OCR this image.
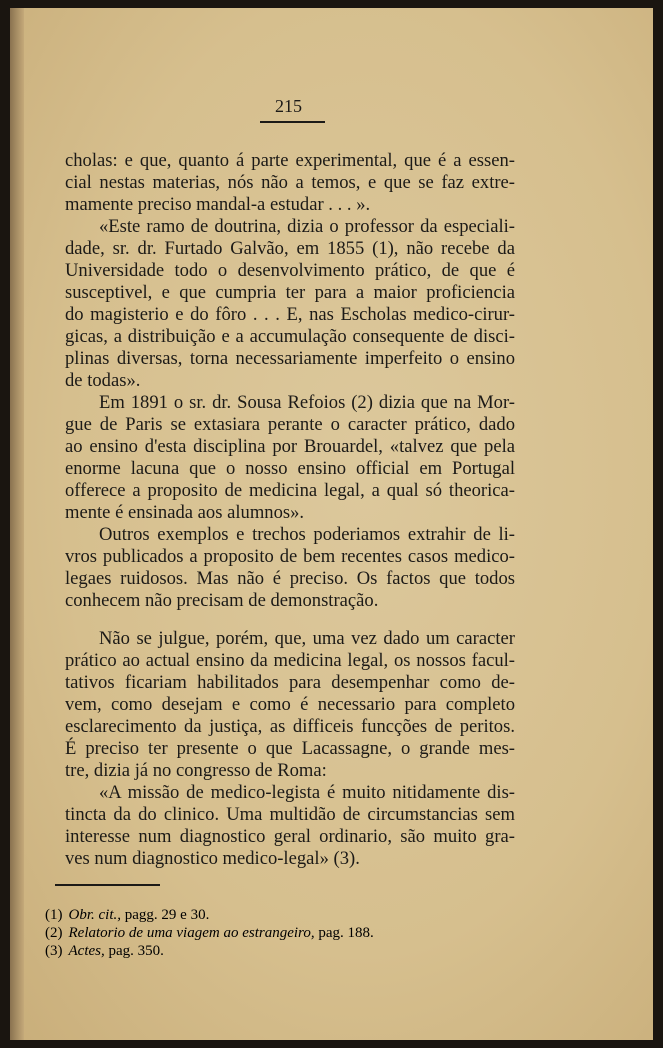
215
cholas: e que, quanto á parte experimental, que é a essen-
cial nestas materias, nós não a temos, e que se faz extre-
mamente preciso mandal-a estudar . . . ».
«Este ramo de doutrina, dizia o professor da especiali-
dade, sr. dr. Furtado Galvão, em 1855 (1), não recebe da
Universidade todo o desenvolvimento prático, de que é
susceptivel, e que cumpria ter para a maior proficiencia
do magisterio e do fôro . . . E, nas Escholas medico-cirur-
gicas, a distribuição e a accumulação consequente de disci-
plinas diversas, torna necessariamente imperfeito o ensino
de todas».
Em 1891 o sr. dr. Sousa Refoios (2) dizia que na Mor-
gue de Paris se extasiara perante o caracter prático, dado
ao ensino d'esta disciplina por Brouardel, «talvez que pela
enorme lacuna que o nosso ensino official em Portugal
offerece a proposito de medicina legal, a qual só theorica-
mente é ensinada aos alumnos».
Outros exemplos e trechos poderiamos extrahir de li-
vros publicados a proposito de bem recentes casos medico-
legaes ruidosos. Mas não é preciso. Os factos que todos
conhecem não precisam de demonstração.
Não se julgue, porém, que, uma vez dado um caracter
prático ao actual ensino da medicina legal, os nossos facul-
tativos ficariam habilitados para desempenhar como de-
vem, como desejam e como é necessario para completo
esclarecimento da justiça, as difficeis funcções de peritos.
É preciso ter presente o que Lacassagne, o grande mes-
tre, dizia já no congresso de Roma:
«A missão de medico-legista é muito nitidamente dis-
tincta da do clinico. Uma multidão de circumstancias sem
interesse num diagnostico geral ordinario, são muito gra-
ves num diagnostico medico-legal» (3).
(1) Obr. cit., pagg. 29 e 30.
(2) Relatorio de uma viagem ao estrangeiro, pag. 188.
(3) Actes, pag. 350.
